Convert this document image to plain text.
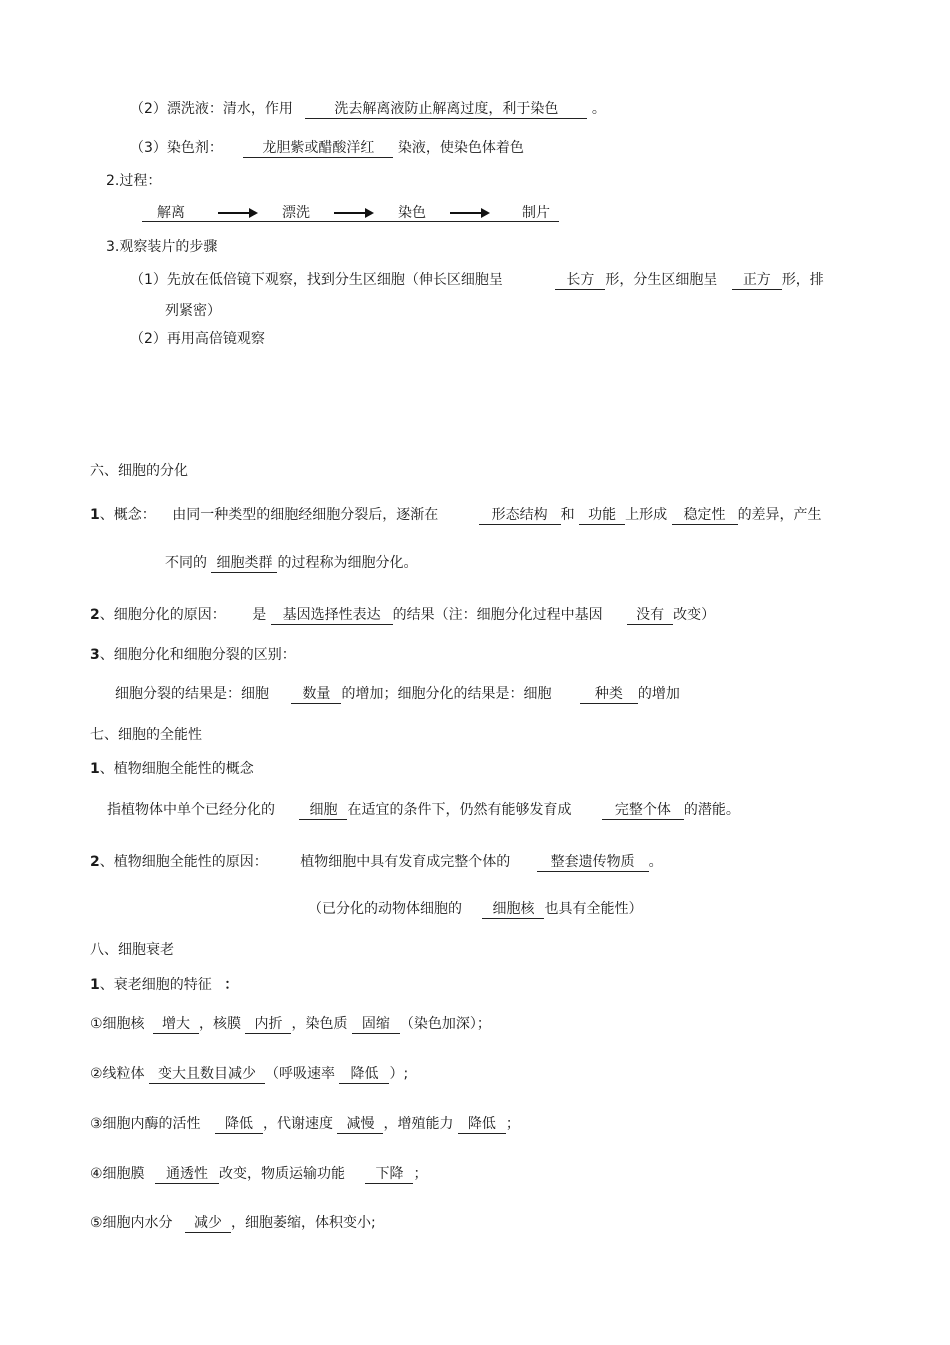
（2）漂洗液：清水，作用	洗去解离液防止解离过度，利于染色 。
（3）染色剂：	龙胆紫或醋酸洋红 染液，使染色体着色
2.过程：
解离	漂洗	染色	制片
3.观察装片的步骤
（1）先放在低倍镜下观察，找到分生区细胞（伸长区细胞呈	长方 形，分生区细胞呈 正方 形，排
列紧密）
（2）再用高倍镜观察
六、细胞的分化
1、概念： 由同一种类型的细胞经细胞分裂后，逐渐在	形态结构 和 功能 上形成 稳定性 的差异，产生
不同的 细胞类群 的过程称为细胞分化。
2、细胞分化的原因： 是 基因选择性表达 的结果（注：细胞分化过程中基因 没有 改变）
3、细胞分化和细胞分裂的区别：
细胞分裂的结果是：细胞 数量 的增加；细胞分化的结果是：细胞	种类 的增加
七、细胞的全能性
1、植物细胞全能性的概念
指植物体中单个已经分化的 细胞 在适宜的条件下，仍然有能够发育成	完整个体 的潜能。
2、植物细胞全能性的原因： 植物细胞中具有发育成完整个体的	整套遗传物质 。
（已分化的动物体细胞的 细胞核 也具有全能性）
八、细胞衰老
1、衰老细胞的特征 ：
①细胞核 增大 ，核膜 内折 ，染色质 固缩 （染色加深）；
②线粒体 变大且数目减少 （呼吸速率 降低 ）;
③细胞内酶的活性 降低 ，代谢速度 减慢 ，增殖能力 降低 ；
④细胞膜 通透性 改变，物质运输功能 下降 ；
⑤细胞内水分 减少 ，细胞萎缩，体积变小;
